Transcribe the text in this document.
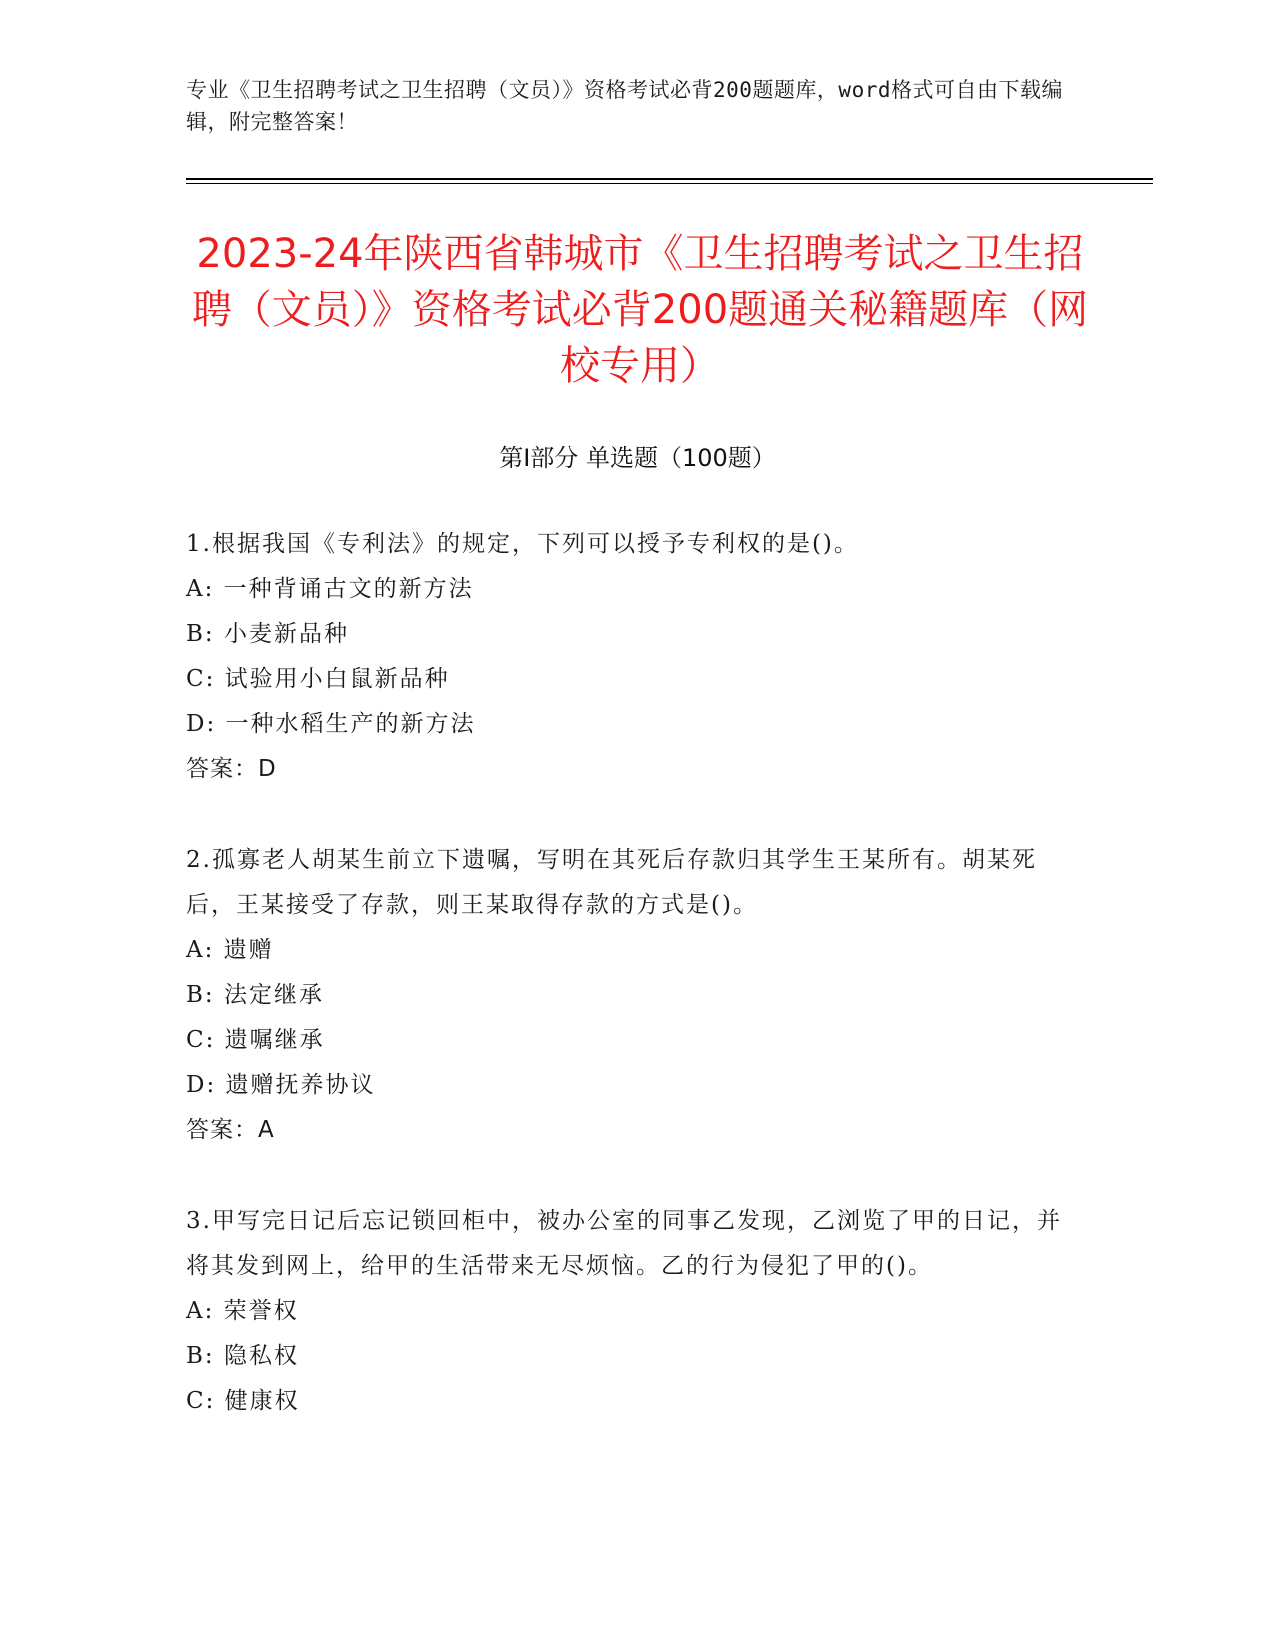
专业《卫生招聘考试之卫生招聘（文员）》资格考试必背200题题库，word格式可自由下载编辑，附完整答案！
2023-24年陕西省韩城市《卫生招聘考试之卫生招聘（文员）》资格考试必背200题通关秘籍题库（网校专用）
第Ⅰ部分 单选题（100题）
1.根据我国《专利法》的规定，下列可以授予专利权的是()。
A: 一种背诵古文的新方法
B: 小麦新品种
C: 试验用小白鼠新品种
D: 一种水稻生产的新方法
答案：D
2.孤寡老人胡某生前立下遗嘱，写明在其死后存款归其学生王某所有。胡某死后，王某接受了存款，则王某取得存款的方式是()。
A: 遗赠
B: 法定继承
C: 遗嘱继承
D: 遗赠抚养协议
答案：A
3.甲写完日记后忘记锁回柜中，被办公室的同事乙发现，乙浏览了甲的日记，并将其发到网上，给甲的生活带来无尽烦恼。乙的行为侵犯了甲的()。
A: 荣誉权
B: 隐私权
C: 健康权
